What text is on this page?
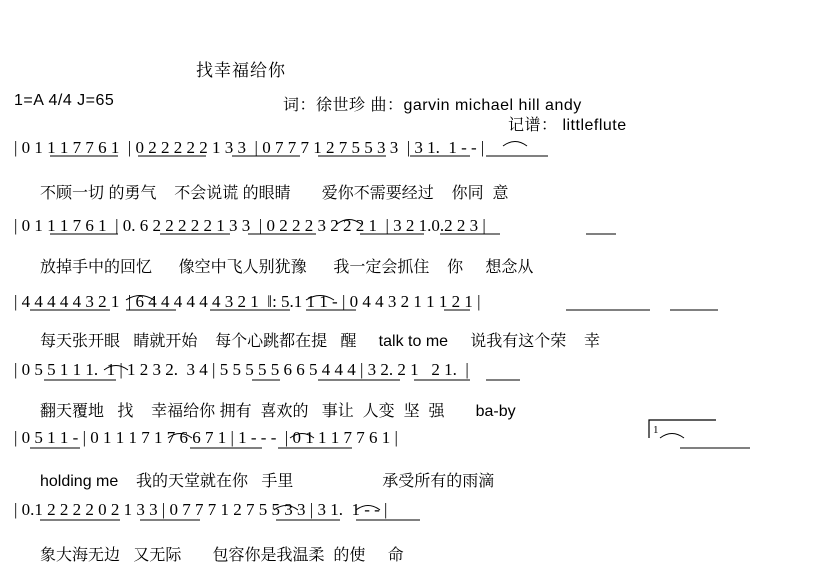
找幸福给你
1=A 4/4 J=65	词：徐世珍 曲：garvin michael hill andy
记谱： littleflute
| 0 1 1 1 7 7 6 1  | 0 2 2 2 2 2 1 3 3  | 0 7 7 7 1 2 7 5 5 3 3  | 3 1.  1 - - |
不顾一切 的勇气    不会说谎 的眼睛       爱你不需要经过    你同  意
| 0 1 1 1 7 6 1  | 0. 6 2 2 2 2 2 1 3 3  | 0 2 2 2 3 2 2 2 1  | 3 2 1.0.2 2 3 |
放掉手中的回忆      像空中飞人别犹豫      我一定会抓住    你     想念从
| 4 4 4 4 4 3 2 1  | 6 4 4 4 4 4 4 3 2 1  ‖: 5.1 1 1 - | 0 4 4 3 2 1 1 1 2 1 |
每天张开眼   睛就开始    每个心跳都在提   醒     talk to me     说我有这个荣    幸
| 0 5 5 1 1 1.  1 | 1 2 3 2.  3 4 | 5 5 5 5 5 6 6 5 4 4 4 | 3 2. 2 1   2 1.  |
翻天覆地   找    幸福给你 拥有  喜欢的   事让  人变  坚  强       ba-by
| 0 5 1 1 - | 0 1 1 1 7 1 7 6 6 7 1 | 1 - - -  | 0 1 1 1 7 7 6 1 |
holding me    我的天堂就在你   手里                    承受所有的雨滴
| 0.1 2 2 2 2 0 2 1 3 3 | 0 7 7 7 1 2 7 5 5 3 3 | 3 1.  1 - - |
象大海无边   又无际       包容你是我温柔  的使     命
1
